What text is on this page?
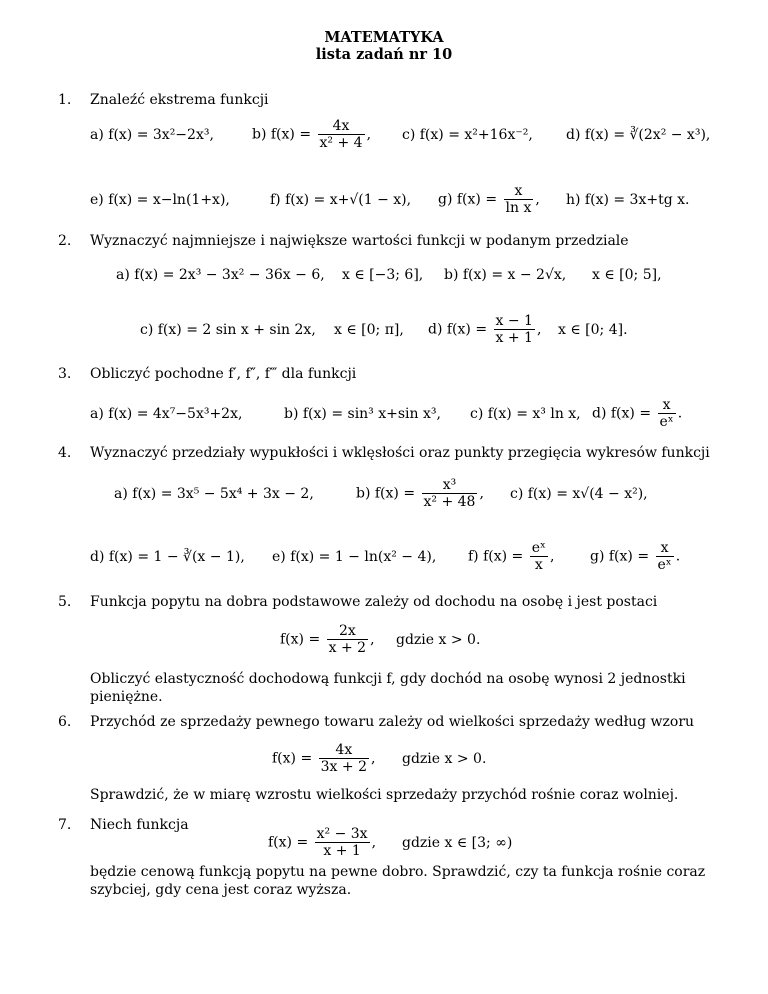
MATEMATYKA
lista zadań nr 10
1. Znaleźć ekstrema funkcji
a) f(x) = 3x²−2x³,	b) $f(x) = \frac{4x}{\text{x² + 4}}$ , c) f(x) = x²+16x⁻², d) f(x) = ∛(2x² − x³),
e) f(x) = x−ln(1+x),	f) f(x) = x+√(1 − x), g) $f(x) = \frac{x}{\text{ln x}}$ , h) f(x) = 3x+tg x.
2. Wyznaczyć najmniejsze i największe wartości funkcji w podanym przedziale
a) f(x) = 2x³ − 3x² − 36x − 6, x ∈ [−3; 6], b) f(x) = x − 2√x, x ∈ [0; 5],
c) f(x) = 2 sin x + sin 2x, x ∈ [0; π], d) $f(x) = \frac{x - 1}{x + 1}$ , x ∈ [0; 4].
3. Obliczyć pochodne f′, f″, f‴ dla funkcji
a) f(x) = 4x⁷−5x³+2x,	b) f(x) = sin³ x+sin x³, c) f(x) = x³ ln x, d) $f(x) = \frac{x}{\text{eˣ}}$ .
4. Wyznaczyć przedziały wypukłości i wklęsłości oraz punkty przegięcia wykresów funkcji
a) f(x) = 3x⁵ − 5x⁴ + 3x − 2,	b) $f(x) = \frac{\text{x³}}{\text{x² + 48}}$ , c) f(x) = x√(4 − x²),
d) f(x) = 1 − ∛(x − 1), e) f(x) = 1 − ln(x² − 4), f) $f(x) = \frac{\text{eˣ}}{x}$ ,	g) $f(x) = \frac{x}{\text{eˣ}}$ .
5. Funkcja popytu na dobra podstawowe zależy od dochodu na osobę i jest postaci
$f(x) = \frac{2x}{x + 2}$ , gdzie x > 0.
Obliczyć elastyczność dochodową funkcji f, gdy dochód na osobę wynosi 2 jednostki pieniężne.
6. Przychód ze sprzedaży pewnego towaru zależy od wielkości sprzedaży według wzoru
$f(x) = \frac{4x}{3x + 2}$ , gdzie x > 0.
Sprawdzić, że w miarę wzrostu wielkości sprzedaży przychód rośnie coraz wolniej.
7. Niech funkcja
$f(x) = \frac{\text{x² − 3x}}{x + 1}$ , gdzie x ∈ [3; ∞)
będzie cenową funkcją popytu na pewne dobro. Sprawdzić, czy ta funkcja rośnie coraz szybciej, gdy cena jest coraz wyższa.
